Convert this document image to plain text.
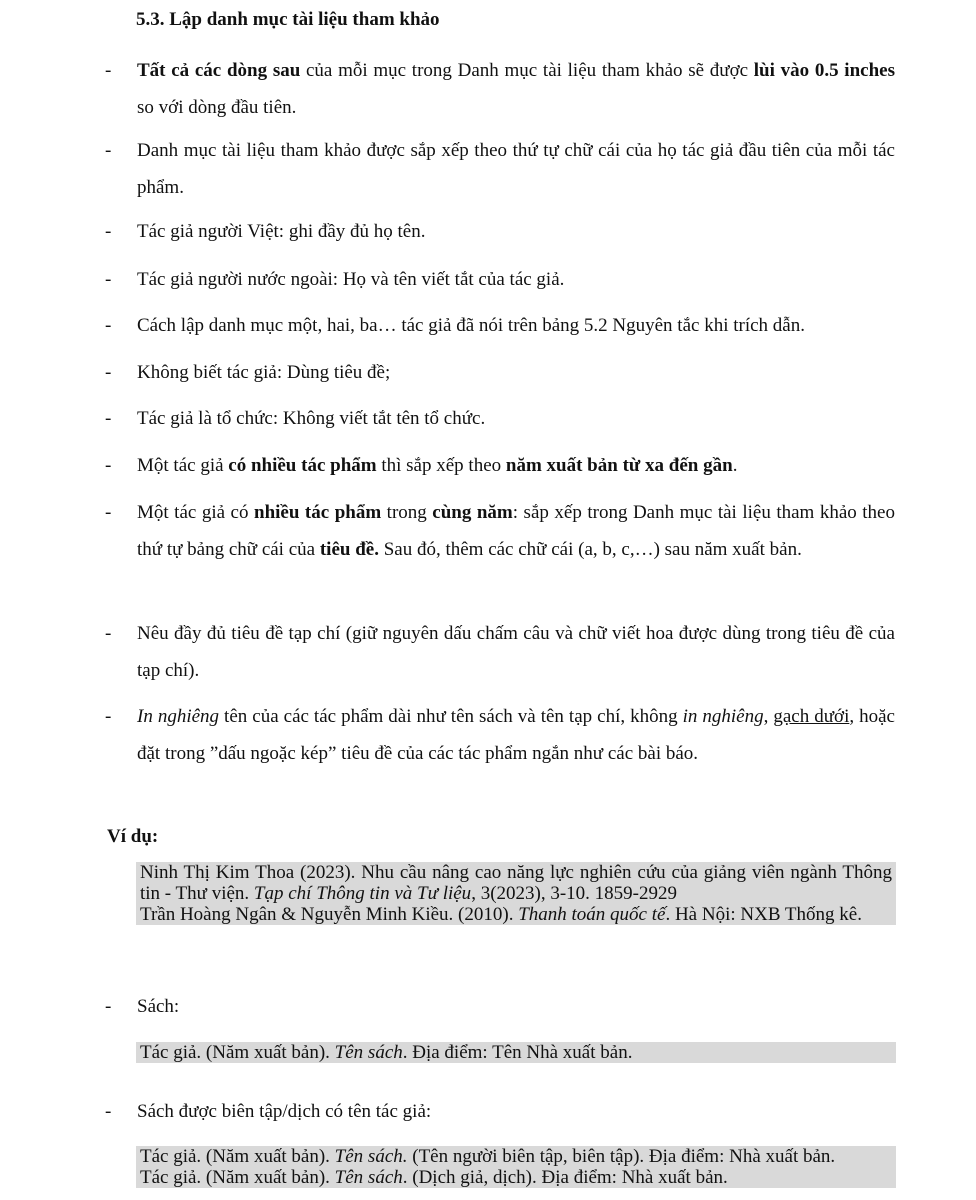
5.3. Lập danh mục tài liệu tham khảo
-	Tất cả các dòng sau của mỗi mục trong Danh mục tài liệu tham khảo sẽ được lùi vào 0.5 inches so với dòng đầu tiên.
-	Danh mục tài liệu tham khảo được sắp xếp theo thứ tự chữ cái của họ tác giả đầu tiên của mỗi tác phẩm.
-	Tác giả người Việt: ghi đầy đủ họ tên.
-	Tác giả người nước ngoài: Họ và tên viết tắt của tác giả.
-	Cách lập danh mục một, hai, ba… tác giả đã nói trên bảng 5.2 Nguyên tắc khi trích dẫn.
-	Không biết tác giả: Dùng tiêu đề;
-	Tác giả là tổ chức: Không viết tắt tên tổ chức.
-	Một tác giả có nhiều tác phẩm thì sắp xếp theo năm xuất bản từ xa đến gần.
-	Một tác giả có nhiều tác phẩm trong cùng năm: sắp xếp trong Danh mục tài liệu tham khảo theo thứ tự bảng chữ cái của tiêu đề. Sau đó, thêm các chữ cái (a, b, c,…) sau năm xuất bản.
-	Nêu đầy đủ tiêu đề tạp chí (giữ nguyên dấu chấm câu và chữ viết hoa được dùng trong tiêu đề của tạp chí).
-	In nghiêng tên của các tác phẩm dài như tên sách và tên tạp chí, không in nghiêng, gạch dưới, hoặc đặt trong ”dấu ngoặc kép” tiêu đề của các tác phẩm ngắn như các bài báo.
Ví dụ:

Ninh Thị Kim Thoa (2023). Nhu cầu nâng cao năng lực nghiên cứu của giảng viên ngành Thông tin - Thư viện. Tạp chí Thông tin và Tư liệu, 3(2023), 3-10. 1859-2929

Trần Hoàng Ngân & Nguyễn Minh Kiều. (2010). Thanh toán quốc tế. Hà Nội: NXB Thống kê.

-	Sách:

Tác giả. (Năm xuất bản). Tên sách. Địa điểm: Tên Nhà xuất bản.

-	Sách được biên tập/dịch có tên tác giả:

Tác giả. (Năm xuất bản). Tên sách. (Tên người biên tập, biên tập). Địa điểm: Nhà xuất bản.

Tác giả. (Năm xuất bản). Tên sách. (Dịch giả, dịch). Địa điểm: Nhà xuất bản.
